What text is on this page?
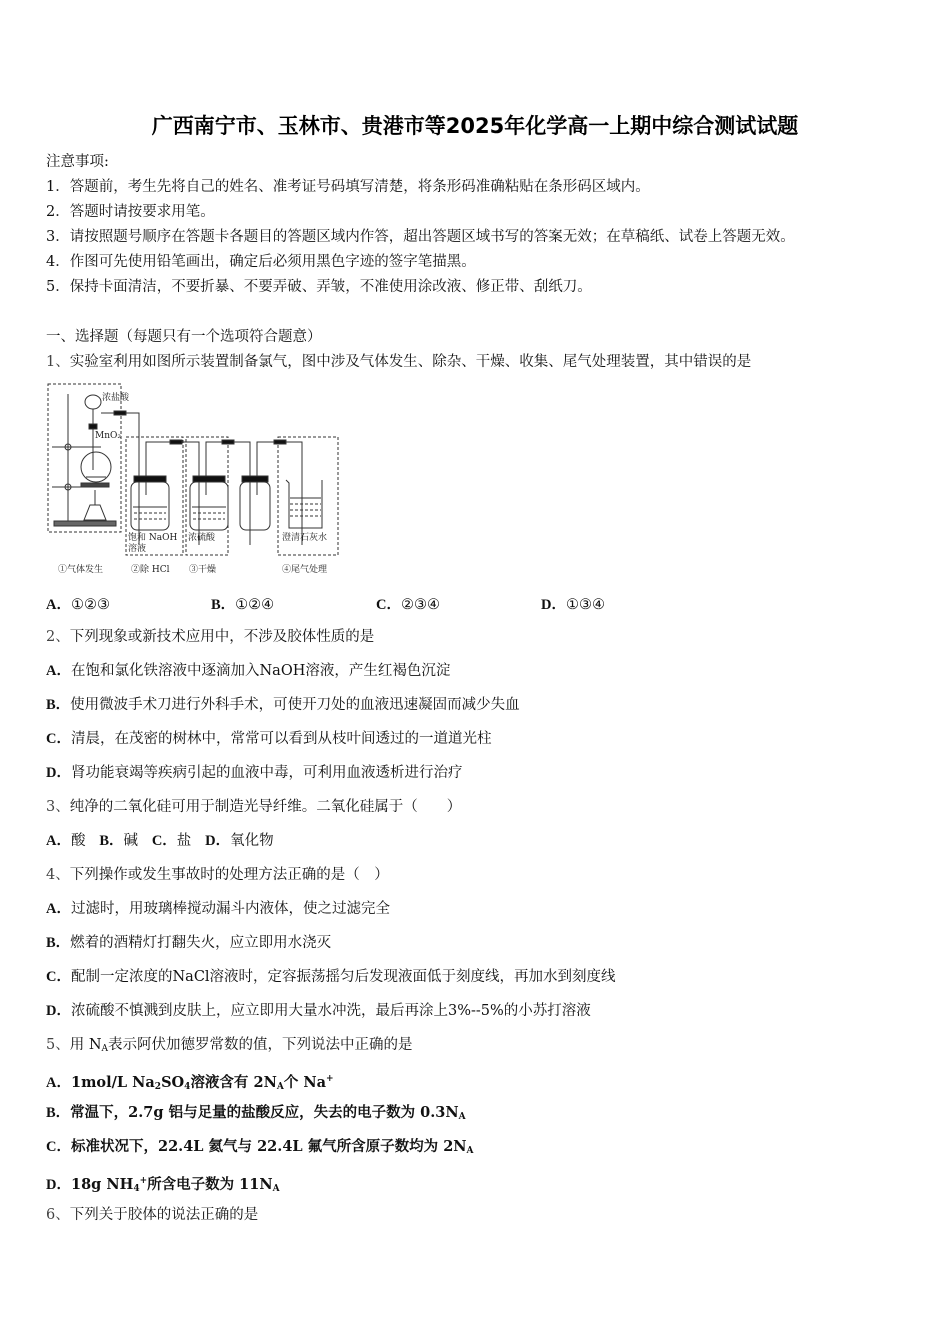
广西南宁市、玉林市、贵港市等2025年化学高一上期中综合测试试题
注意事项:
1．答题前，考生先将自己的姓名、准考证号码填写清楚，将条形码准确粘贴在条形码区域内。
2．答题时请按要求用笔。
3．请按照题号顺序在答题卡各题目的答题区域内作答，超出答题区域书写的答案无效；在草稿纸、试卷上答题无效。
4．作图可先使用铅笔画出，确定后必须用黑色字迹的签字笔描黑。
5．保持卡面清洁，不要折暴、不要弄破、弄皱，不准使用涂改液、修正带、刮纸刀。
一、选择题（每题只有一个选项符合题意）
1、实验室利用如图所示装置制备氯气，图中涉及气体发生、除杂、干燥、收集、尾气处理装置，其中错误的是
浓盐酸
MnO₂
饱和 NaOH
溶液
浓硫酸	澄清石灰水
①气体发生	②除 HCl ③干燥	④尾气处理
A．①②③	B．①②④	C．②③④	D．①③④
2、下列现象或新技术应用中，不涉及胶体性质的是
A．在饱和氯化铁溶液中逐滴加入NaOH溶液，产生红褐色沉淀
B．使用微波手术刀进行外科手术，可使开刀处的血液迅速凝固而减少失血
C．清晨，在茂密的树林中，常常可以看到从枝叶间透过的一道道光柱
D．肾功能衰竭等疾病引起的血液中毒，可利用血液透析进行治疗
3、纯净的二氧化硅可用于制造光导纤维。二氧化硅属于（　　）
A．酸 B．碱 C．盐 D．氧化物
4、下列操作或发生事故时的处理方法正确的是（　）
A．过滤时，用玻璃棒搅动漏斗内液体，使之过滤完全
B．燃着的酒精灯打翻失火，应立即用水浇灭
C．配制一定浓度的NaCl溶液时，定容振荡摇匀后发现液面低于刻度线，再加水到刻度线
D．浓硫酸不慎溅到皮肤上，应立即用大量水冲洗，最后再涂上3%--5%的小苏打溶液
5、用 $N_A$表示阿伏加德罗常数的值，下列说法中正确的是
A．1mol/L $Na_2SO_4$溶液含有 $2N_A$个 Na+
B．常温下，2.7g 铝与足量的盐酸反应，失去的电子数为 $0.3N_A$
C．标准状况下，22.4L 氦气与 22.4L 氟气所含原子数均为 $2N_A$
D．18g $NH_4^+$所含电子数为 $11N_A$
6、下列关于胶体的说法正确的是
